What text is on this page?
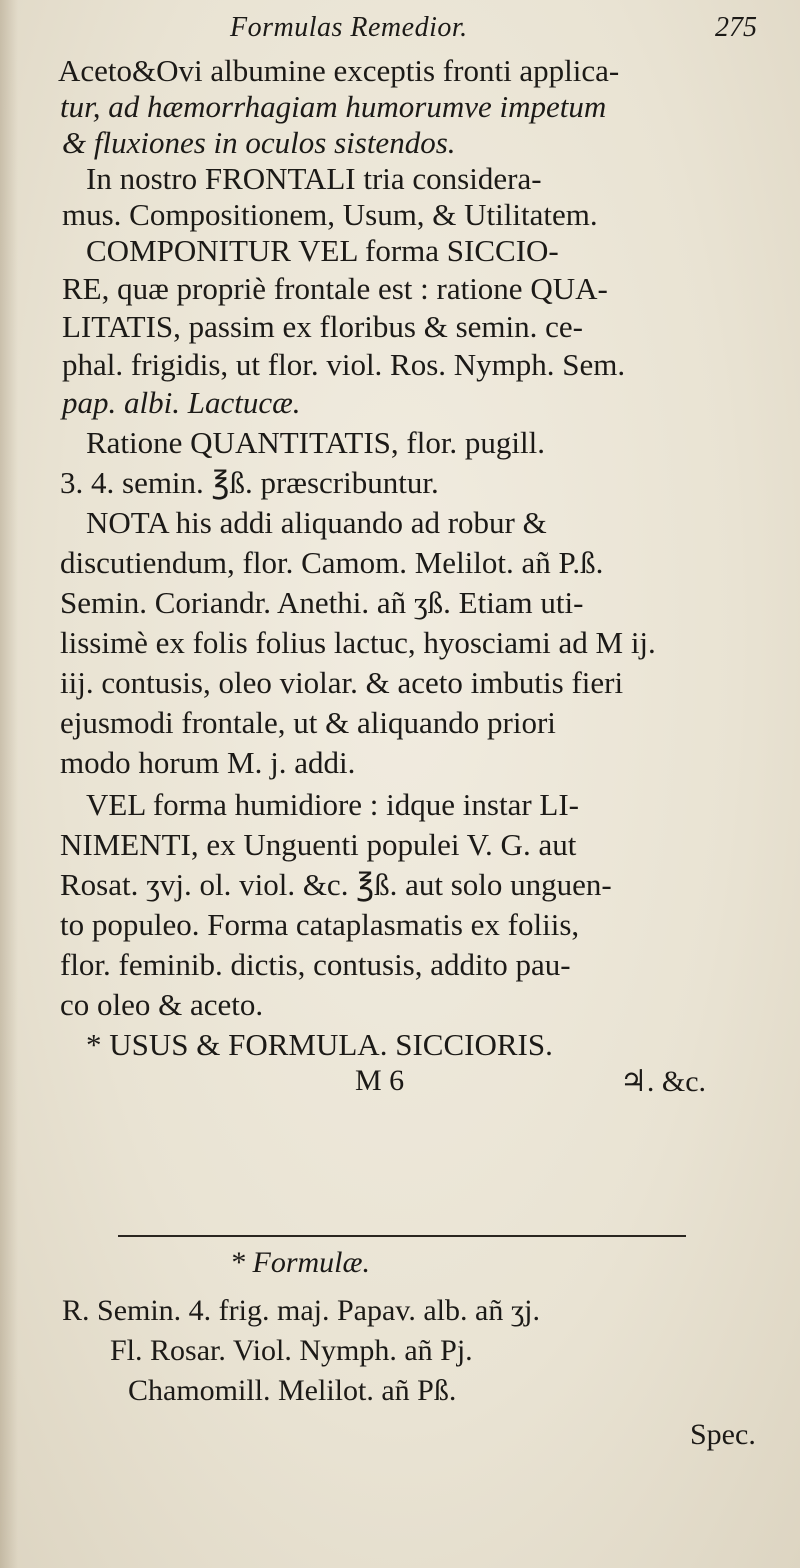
Formulas Remedior.	275
Aceto&Ovi albumine exceptis fronti applica-
tur, ad hæmorrhagiam humorumve impetum
& fluxiones in oculos sistendos.
In nostro FRONTALI tria considera-
mus. Compositionem, Usum, & Utilitatem.
COMPONITUR VEL forma SICCIO-
RE, quæ propriè frontale est : ratione QUA-
LITATIS, passim ex floribus & semin. ce-
phal. frigidis, ut flor. viol. Ros. Nymph. Sem.
pap. albi. Lactucæ.
Ratione QUANTITATIS, flor. pugill.
3. 4. semin. ℥ß. præscribuntur.
NOTA his addi aliquando ad robur &
discutiendum, flor. Camom. Melilot. añ P.ß.
Semin. Coriandr. Anethi. añ ʒß. Etiam uti-
lissimè ex folis folius lactuc, hyosciami ad M ij.
iij. contusis, oleo violar. & aceto imbutis fieri
ejusmodi frontale, ut & aliquando priori
modo horum M. j. addi.
VEL forma humidiore : idque instar LI-
NIMENTI, ex Unguenti populei V. G. aut
Rosat. ʒvj. ol. viol. &c. ℥ß. aut solo unguen-
to populeo. Forma cataplasmatis ex foliis,
flor. feminib. dictis, contusis, addito pau-
co oleo & aceto.
* USUS & FORMULA. SICCIORIS.
M 6	♃. &c.
* Formulæ.
R. Semin. 4. frig. maj. Papav. alb. añ ʒj.
Fl. Rosar. Viol. Nymph. añ Pj.
Chamomill. Melilot. añ Pß.
Spec.
